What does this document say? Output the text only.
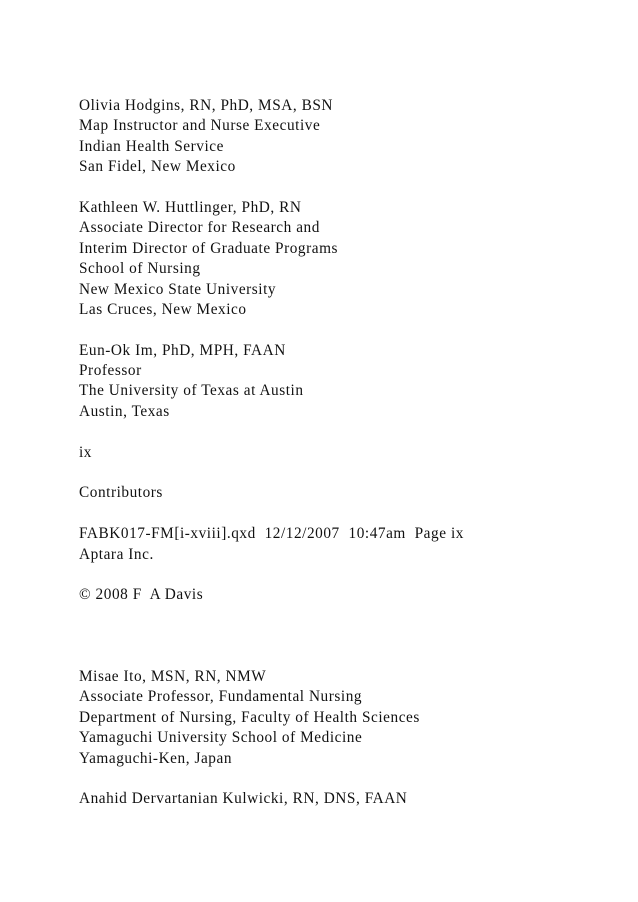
Olivia Hodgins, RN, PhD, MSA, BSN
Map Instructor and Nurse Executive
Indian Health Service
San Fidel, New Mexico
Kathleen W. Huttlinger, PhD, RN
Associate Director for Research and
Interim Director of Graduate Programs
School of Nursing
New Mexico State University
Las Cruces, New Mexico
Eun-Ok Im, PhD, MPH, FAAN
Professor
The University of Texas at Austin
Austin, Texas
ix
Contributors
FABK017-FM[i-xviii].qxd  12/12/2007  10:47am  Page ix
Aptara Inc.
© 2008 F  A Davis
Misae Ito, MSN, RN, NMW
Associate Professor, Fundamental Nursing
Department of Nursing, Faculty of Health Sciences
Yamaguchi University School of Medicine
Yamaguchi-Ken, Japan
Anahid Dervartanian Kulwicki, RN, DNS, FAAN
